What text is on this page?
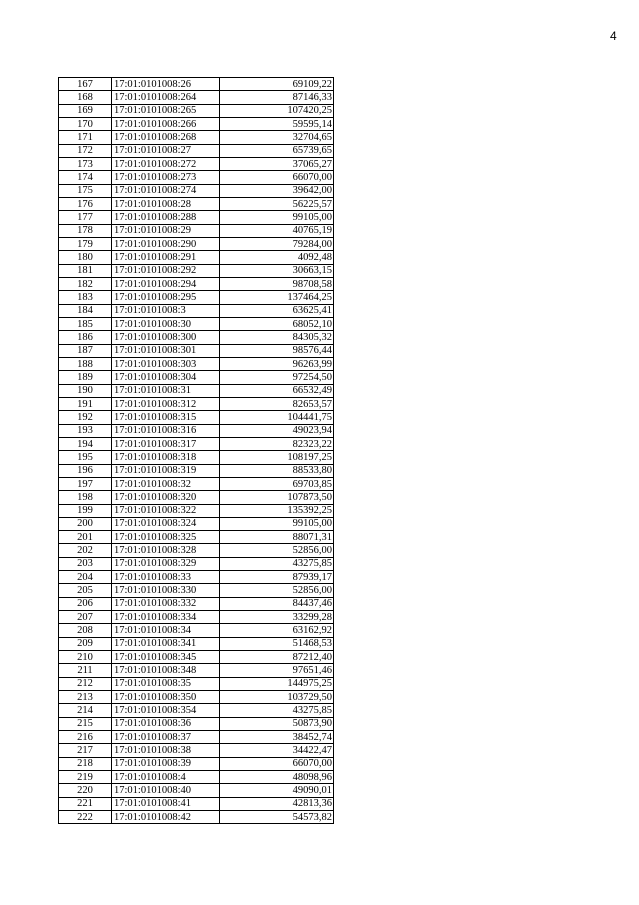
4
167	17:01:0101008:26	69109,22
168	17:01:0101008:264	87146,33
169	17:01:0101008:265	107420,25
170	17:01:0101008:266	59595,14
171	17:01:0101008:268	32704,65
172	17:01:0101008:27	65739,65
173	17:01:0101008:272	37065,27
174	17:01:0101008:273	66070,00
175	17:01:0101008:274	39642,00
176	17:01:0101008:28	56225,57
177	17:01:0101008:288	99105,00
178	17:01:0101008:29	40765,19
179	17:01:0101008:290	79284,00
180	17:01:0101008:291	4092,48
181	17:01:0101008:292	30663,15
182	17:01:0101008:294	98708,58
183	17:01:0101008:295	137464,25
184	17:01:0101008:3	63625,41
185	17:01:0101008:30	68052,10
186	17:01:0101008:300	84305,32
187	17:01:0101008:301	98576,44
188	17:01:0101008:303	96263,99
189	17:01:0101008:304	97254,50
190	17:01:0101008:31	66532,49
191	17:01:0101008:312	82653,57
192	17:01:0101008:315	104441,75
193	17:01:0101008:316	49023,94
194	17:01:0101008:317	82323,22
195	17:01:0101008:318	108197,25
196	17:01:0101008:319	88533,80
197	17:01:0101008:32	69703,85
198	17:01:0101008:320	107873,50
199	17:01:0101008:322	135392,25
200	17:01:0101008:324	99105,00
201	17:01:0101008:325	88071,31
202	17:01:0101008:328	52856,00
203	17:01:0101008:329	43275,85
204	17:01:0101008:33	87939,17
205	17:01:0101008:330	52856,00
206	17:01:0101008:332	84437,46
207	17:01:0101008:334	33299,28
208	17:01:0101008:34	63162,92
209	17:01:0101008:341	51468,53
210	17:01:0101008:345	87212,40
211	17:01:0101008:348	97651,46
212	17:01:0101008:35	144975,25
213	17:01:0101008:350	103729,50
214	17:01:0101008:354	43275,85
215	17:01:0101008:36	50873,90
216	17:01:0101008:37	38452,74
217	17:01:0101008:38	34422,47
218	17:01:0101008:39	66070,00
219	17:01:0101008:4	48098,96
220	17:01:0101008:40	49090,01
221	17:01:0101008:41	42813,36
222	17:01:0101008:42	54573,82
